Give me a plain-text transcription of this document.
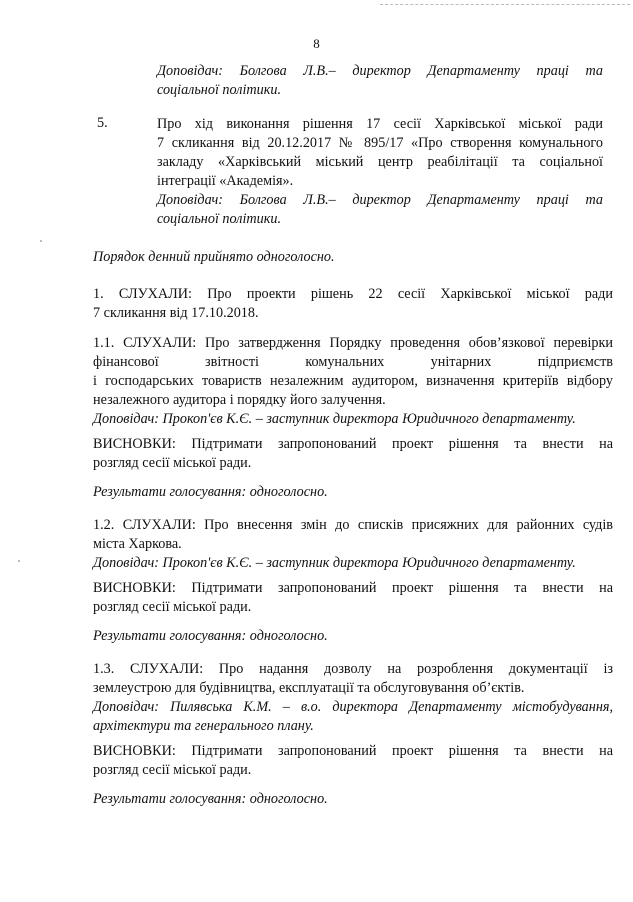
8
Доповідач: Болгова Л.В.– директор Департаменту праці та
соціальної політики.
5.	Про хід виконання рішення 17 сесії Харківської міської ради
7 скликання від 20.12.2017 № 895/17 «Про створення комунального
закладу «Харківський міський центр реабілітації та соціальної
інтеграції «Академія».
Доповідач: Болгова Л.В.– директор Департаменту праці та
соціальної політики.
Порядок денний прийнято одноголосно.
1. СЛУХАЛИ: Про проекти рішень 22 сесії Харківської міської ради
7 скликання від 17.10.2018.
1.1. СЛУХАЛИ: Про затвердження Порядку проведення обов’язкової перевірки
фінансової звітності комунальних унітарних підприємств
і господарських товариств незалежним аудитором, визначення критеріїв відбору
незалежного аудитора і порядку його залучення.
Доповідач: Прокоп'єв К.Є. – заступник директора Юридичного департаменту.
ВИСНОВКИ: Підтримати запропонований проект рішення та внести на
розгляд сесії міської ради.
Результати голосування: одноголосно.
1.2. СЛУХАЛИ: Про внесення змін до списків присяжних для районних судів
міста Харкова.
Доповідач: Прокоп'єв К.Є. – заступник директора Юридичного департаменту.
ВИСНОВКИ: Підтримати запропонований проект рішення та внести на
розгляд сесії міської ради.
Результати голосування: одноголосно.
1.3. СЛУХАЛИ: Про надання дозволу на розроблення документації із
землеустрою для будівництва, експлуатації та обслуговування об’єктів.
Доповідач: Пилявська К.М. – в.о. директора Департаменту містобудування,
архітектури та генерального плану.
ВИСНОВКИ: Підтримати запропонований проект рішення та внести на
розгляд сесії міської ради.
Результати голосування: одноголосно.
